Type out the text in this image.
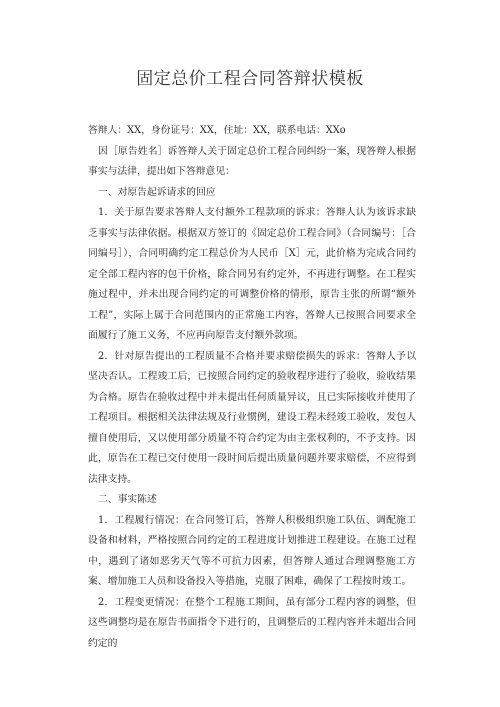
固定总价工程合同答辩状模板

答辩人：XX，身份证号：XX，住址：XX，联系电话：XXo

因［原告姓名］诉答辩人关于固定总价工程合同纠纷一案，现答辩人根据事实与法律，提出如下答辩意见：

一、对原告起诉请求的回应

1．关于原告要求答辩人支付额外工程款项的诉求：答辩人认为该诉求缺乏事实与法律依据。根据双方签订的《固定总价工程合同》（合同编号：［合同编号］），合同明确约定工程总价为人民币［X］元，此价格为完成合同约定全部工程内容的包干价格，除合同另有约定外，不再进行调整。在工程实施过程中，并未出现合同约定的可调整价格的情形，原告主张的所谓“额外工程”，实际上属于合同范围内的正常施工内容，答辩人已按照合同要求全面履行了施工义务，不应再向原告支付额外款项。

2．针对原告提出的工程质量不合格并要求赔偿损失的诉求：答辩人予以坚决否认。工程竣工后，已按照合同约定的验收程序进行了验收，验收结果为合格。原告在验收过程中并未提出任何质量异议，且已实际接收并使用了工程项目。根据相关法律法规及行业惯例，建设工程未经竣工验收，发包人擅自使用后，又以使用部分质量不符合约定为由主张权利的，不予支持。因此，原告在工程已交付使用一段时间后提出质量问题并要求赔偿，不应得到法律支持。

二、事实陈述

1．工程履行情况：在合同签订后，答辩人积极组织施工队伍、调配施工设备和材料，严格按照合同约定的工程进度计划推进工程建设。在施工过程中，遇到了诸如恶劣天气等不可抗力因素，但答辩人通过合理调整施工方案、增加施工人员和设备投入等措施，克服了困难，确保了工程按时竣工。

2．工程变更情况：在整个工程施工期间，虽有部分工程内容的调整，但这些调整均是在原告书面指令下进行的，且调整后的工程内容并未超出合同约定的
